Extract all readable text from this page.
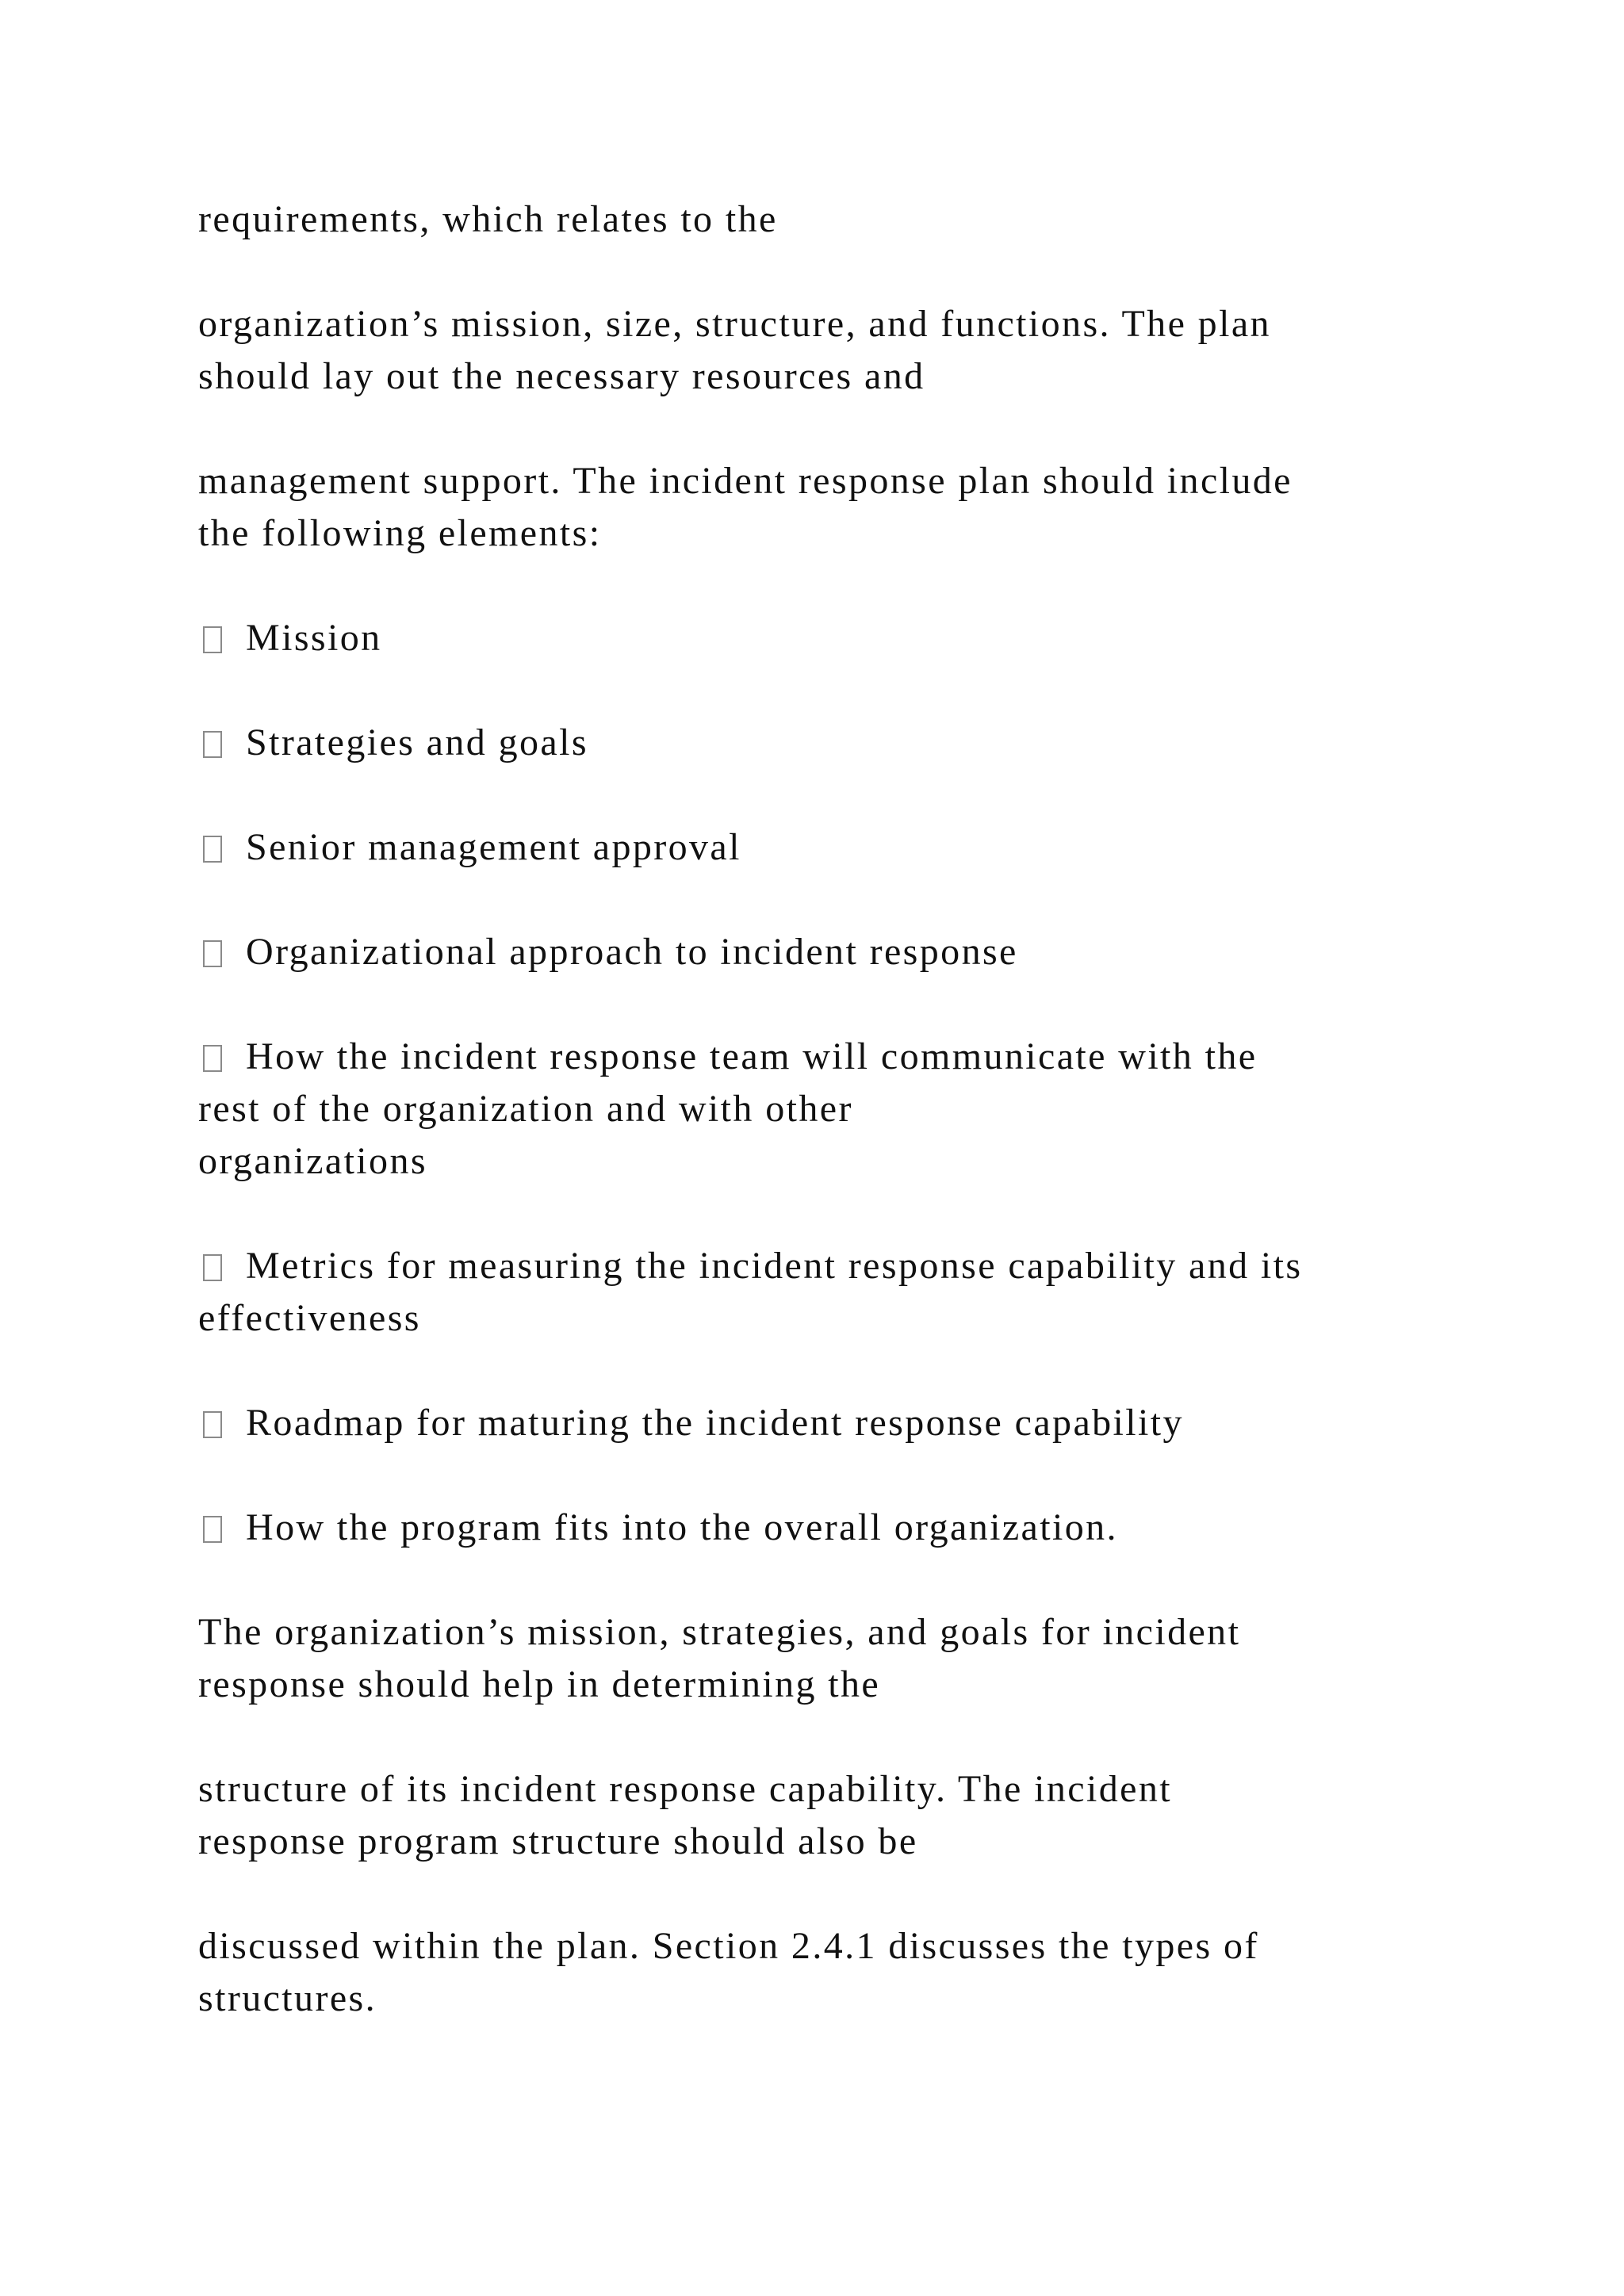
requirements, which relates to the

organization’s mission, size, structure, and functions. The plan
should lay out the necessary resources and

management support. The incident response plan should include
the following elements:

Mission
Strategies and goals
Senior management approval
Organizational approach to incident response
How the incident response team will communicate with the
rest of the organization and with other
organizations
Metrics for measuring the incident response capability and its
effectiveness
Roadmap for maturing the incident response capability
How the program fits into the overall organization.

The organization’s mission, strategies, and goals for incident
response should help in determining the

structure of its incident response capability. The incident
response program structure should also be

discussed within the plan. Section 2.4.1 discusses the types of
structures.
